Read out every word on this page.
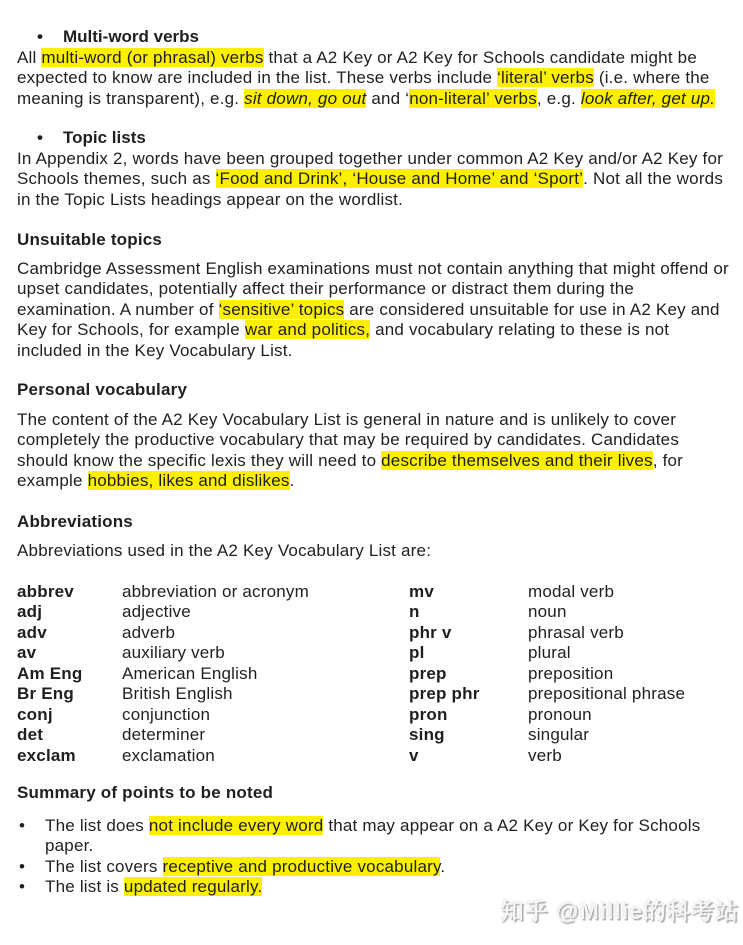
•	Multi-word verbs

All multi-word (or phrasal) verbs that a A2 Key or A2 Key for Schools candidate might be expected to know are included in the list. These verbs include ‘literal’ verbs (i.e. where the meaning is transparent), e.g. sit down, go out and ‘non-literal’ verbs, e.g. look after, get up.

•	Topic lists

In Appendix 2, words have been grouped together under common A2 Key and/or A2 Key for Schools themes, such as ‘Food and Drink’, ‘House and Home’ and ‘Sport’. Not all the words in the Topic Lists headings appear on the wordlist.

Unsuitable topics

Cambridge Assessment English examinations must not contain anything that might offend or upset candidates, potentially affect their performance or distract them during the examination. A number of ‘sensitive’ topics are considered unsuitable for use in A2 Key and Key for Schools, for example war and politics, and vocabulary relating to these is not included in the Key Vocabulary List.

Personal vocabulary

The content of the A2 Key Vocabulary List is general in nature and is unlikely to cover completely the productive vocabulary that may be required by candidates. Candidates should know the specific lexis they will need to describe themselves and their lives, for example hobbies, likes and dislikes.

Abbreviations

Abbreviations used in the A2 Key Vocabulary List are:

abbrev	abbreviation or acronym	mv	modal verb
adj	adjective	n	noun
adv	adverb	phr v	phrasal verb
av	auxiliary verb	pl	plural
Am Eng	American English	prep	preposition
Br Eng	British English	prep phr	prepositional phrase
conj	conjunction	pron	pronoun
det	determiner	sing	singular
exclam	exclamation	v	verb
Summary of points to be noted
• The list does not include every word that may appear on a A2 Key or Key for Schools paper.
• The list covers receptive and productive vocabulary.
• The list is updated regularly.
知乎 @Millie的科考站
